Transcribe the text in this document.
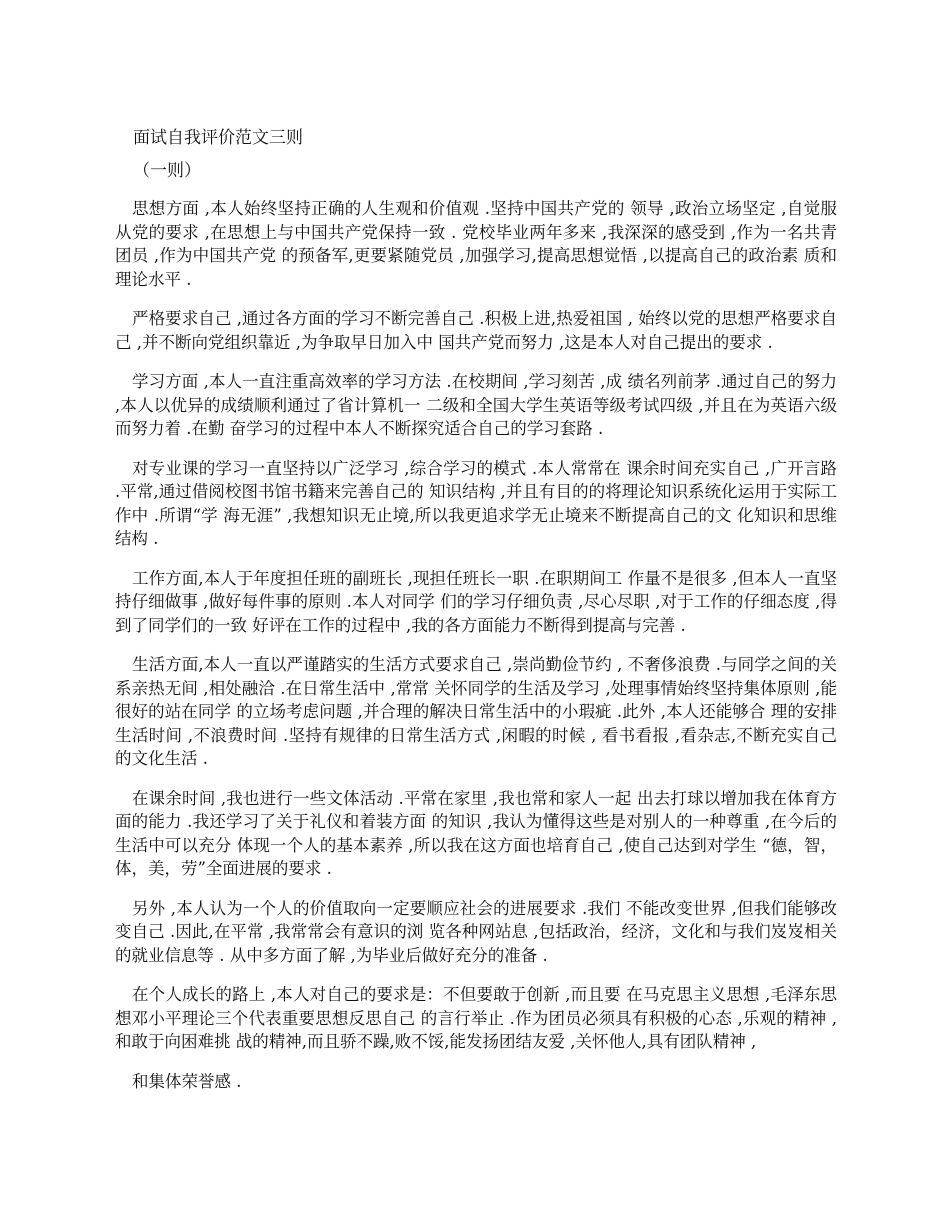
面试自我评价范文三则
（一则）

思想方面 ,本人始终坚持正确的人生观和价值观 .坚持中国共产党的 领导 ,政治立场坚定 ,自觉服从党的要求 ,在思想上与中国共产党保持一致 . 党校毕业两年多来 ,我深深的感受到 ,作为一名共青团员 ,作为中国共产党 的预备军,更要紧随党员 ,加强学习,提高思想觉悟 ,以提高自己的政治素 质和理论水平 .

严格要求自己 ,通过各方面的学习不断完善自己 .积极上进,热爱祖国 , 始终以党的思想严格要求自己 ,并不断向党组织靠近 ,为争取早日加入中 国共产党而努力 ,这是本人对自己提出的要求 .

学习方面 ,本人一直注重高效率的学习方法 .在校期间 ,学习刻苦 ,成 绩名列前茅 .通过自己的努力 ,本人以优异的成绩顺利通过了省计算机一 二级和全国大学生英语等级考试四级 ,并且在为英语六级而努力着 .在勤 奋学习的过程中本人不断探究适合自己的学习套路 .

对专业课的学习一直坚持以广泛学习 ,综合学习的模式 .本人常常在 课余时间充实自己 ,广开言路 .平常,通过借阅校图书馆书籍来完善自己的 知识结构 ,并且有目的的将理论知识系统化运用于实际工作中 .所谓“学 海无涯” ,我想知识无止境,所以我更追求学无止境来不断提高自己的文 化知识和思维结构 .

工作方面,本人于年度担任班的副班长 ,现担任班长一职 .在职期间工 作量不是很多 ,但本人一直坚持仔细做事 ,做好每件事的原则 .本人对同学 们的学习仔细负责 ,尽心尽职 ,对于工作的仔细态度 ,得到了同学们的一致 好评在工作的过程中 ,我的各方面能力不断得到提高与完善 .

生活方面,本人一直以严谨踏实的生活方式要求自己 ,崇尚勤俭节约 , 不奢侈浪费 .与同学之间的关系亲热无间 ,相处融洽 .在日常生活中 ,常常 关怀同学的生活及学习 ,处理事情始终坚持集体原则 ,能很好的站在同学 的立场考虑问题 ,并合理的解决日常生活中的小瑕疵 .此外 ,本人还能够合 理的安排生活时间 ,不浪费时间 .坚持有规律的日常生活方式 ,闲暇的时候 , 看书看报 ,看杂志,不断充实自己的文化生活 .

在课余时间 ,我也进行一些文体活动 .平常在家里 ,我也常和家人一起 出去打球以增加我在体育方面的能力 .我还学习了关于礼仪和着装方面 的知识 ,我认为懂得这些是对别人的一种尊重 ,在今后的生活中可以充分 体现一个人的基本素养 ,所以我在这方面也培育自己 ,使自己达到对学生 “德，智，体，美，劳”全面进展的要求 .

另外 ,本人认为一个人的价值取向一定要顺应社会的进展要求 .我们 不能改变世界 ,但我们能够改变自己 .因此,在平常 ,我常常会有意识的浏 览各种网站息 ,包括政治，经济，文化和与我们岌岌相关的就业信息等 . 从中多方面了解 ,为毕业后做好充分的准备 .

在个人成长的路上 ,本人对自己的要求是：不但要敢于创新 ,而且要 在马克思主义思想 ,毛泽东思想邓小平理论三个代表重要思想反思自己 的言行举止 .作为团员必须具有积极的心态 ,乐观的精神 ,和敢于向困难挑 战的精神,而且骄不躁,败不馁,能发扬团结友爱 ,关怀他人,具有团队精神 ,

和集体荣誉感 .
